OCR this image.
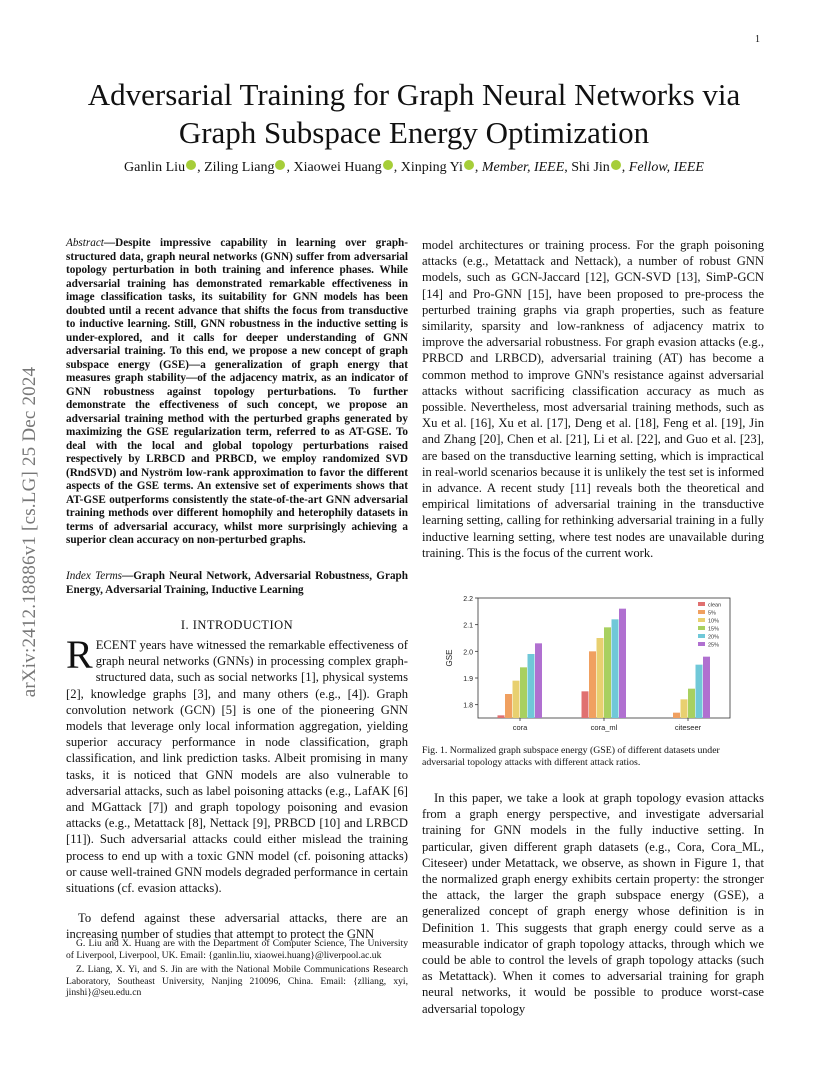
1
arXiv:2412.18886v1 [cs.LG] 25 Dec 2024
Adversarial Training for Graph Neural Networks via Graph Subspace Energy Optimization
Ganlin Liu , Ziling Liang , Xiaowei Huang , Xinping Yi , Member, IEEE, Shi Jin , Fellow, IEEE
Abstract—Despite impressive capability in learning over graph-structured data, graph neural networks (GNN) suffer from adversarial topology perturbation in both training and inference phases. While adversarial training has demonstrated remarkable effectiveness in image classification tasks, its suitability for GNN models has been doubted until a recent advance that shifts the focus from transductive to inductive learning. Still, GNN robustness in the inductive setting is under-explored, and it calls for deeper understanding of GNN adversarial training. To this end, we propose a new concept of graph subspace energy (GSE)—a generalization of graph energy that measures graph stability—of the adjacency matrix, as an indicator of GNN robustness against topology perturbations. To further demonstrate the effectiveness of such concept, we propose an adversarial training method with the perturbed graphs generated by maximizing the GSE regularization term, referred to as AT-GSE. To deal with the local and global topology perturbations raised respectively by LRBCD and PRBCD, we employ randomized SVD (RndSVD) and Nyström low-rank approximation to favor the different aspects of the GSE terms. An extensive set of experiments shows that AT-GSE outperforms consistently the state-of-the-art GNN adversarial training methods over different homophily and heterophily datasets in terms of adversarial accuracy, whilst more surprisingly achieving a superior clean accuracy on non-perturbed graphs.
Index Terms—Graph Neural Network, Adversarial Robustness, Graph Energy, Adversarial Training, Inductive Learning
I. INTRODUCTION
RECENT years have witnessed the remarkable effectiveness of graph neural networks (GNNs) in processing complex graph-structured data, such as social networks [1], physical systems [2], knowledge graphs [3], and many others (e.g., [4]). Graph convolution network (GCN) [5] is one of the pioneering GNN models that leverage only local information aggregation, yielding superior accuracy performance in node classification, graph classification, and link prediction tasks. Albeit promising in many tasks, it is noticed that GNN models are also vulnerable to adversarial attacks, such as label poisoning attacks (e.g., LafAK [6] and MGattack [7]) and graph topology poisoning and evasion attacks (e.g., Metattack [8], Nettack [9], PRBCD [10] and LRBCD [11]). Such adversarial attacks could either mislead the training process to end up with a toxic GNN model (cf. poisoning attacks) or cause well-trained GNN models degraded performance in certain situations (cf. evasion attacks).
To defend against these adversarial attacks, there are an increasing number of studies that attempt to protect the GNN

G. Liu and X. Huang are with the Department of Computer Science, The University of Liverpool, Liverpool, UK. Email: {ganlin.liu, xiaowei.huang}@liverpool.ac.uk

Z. Liang, X. Yi, and S. Jin are with the National Mobile Communications Research Laboratory, Southeast University, Nanjing 210096, China. Email: {zlliang, xyi, jinshi}@seu.edu.cn

model architectures or training process. For the graph poisoning attacks (e.g., Metattack and Nettack), a number of robust GNN models, such as GCN-Jaccard [12], GCN-SVD [13], SimP-GCN [14] and Pro-GNN [15], have been proposed to pre-process the perturbed training graphs via graph properties, such as feature similarity, sparsity and low-rankness of adjacency matrix to improve the adversarial robustness. For graph evasion attacks (e.g., PRBCD and LRBCD), adversarial training (AT) has become a common method to improve GNN's resistance against adversarial attacks without sacrificing classification accuracy as much as possible. Nevertheless, most adversarial training methods, such as Xu et al. [16], Xu et al. [17], Deng et al. [18], Feng et al. [19], Jin and Zhang [20], Chen et al. [21], Li et al. [22], and Guo et al. [23], are based on the transductive learning setting, which is impractical in real-world scenarios because it is unlikely the test set is informed in advance. A recent study [11] reveals both the theoretical and empirical limitations of adversarial training in the transductive learning setting, calling for rethinking adversarial training in a fully inductive learning setting, where test nodes are unavailable during training. This is the focus of the current work.
1.8
1.9
2.0
2.1
2.2
GSE
cora	cora_ml	citeseer
clean
5%
10%
15%
20%
25%
Fig. 1. Normalized graph subspace energy (GSE) of different datasets under adversarial topology attacks with different attack ratios.
In this paper, we take a look at graph topology evasion attacks from a graph energy perspective, and investigate adversarial training for GNN models in the fully inductive setting. In particular, given different graph datasets (e.g., Cora, Cora_ML, Citeseer) under Metattack, we observe, as shown in Figure 1, that the normalized graph energy exhibits certain property: the stronger the attack, the larger the graph subspace energy (GSE), a generalized concept of graph energy whose definition is in Definition 1. This suggests that graph energy could serve as a measurable indicator of graph topology attacks, through which we could be able to control the levels of graph topology attacks (such as Metattack). When it comes to adversarial training for graph neural networks, it would be possible to produce worst-case adversarial topology
